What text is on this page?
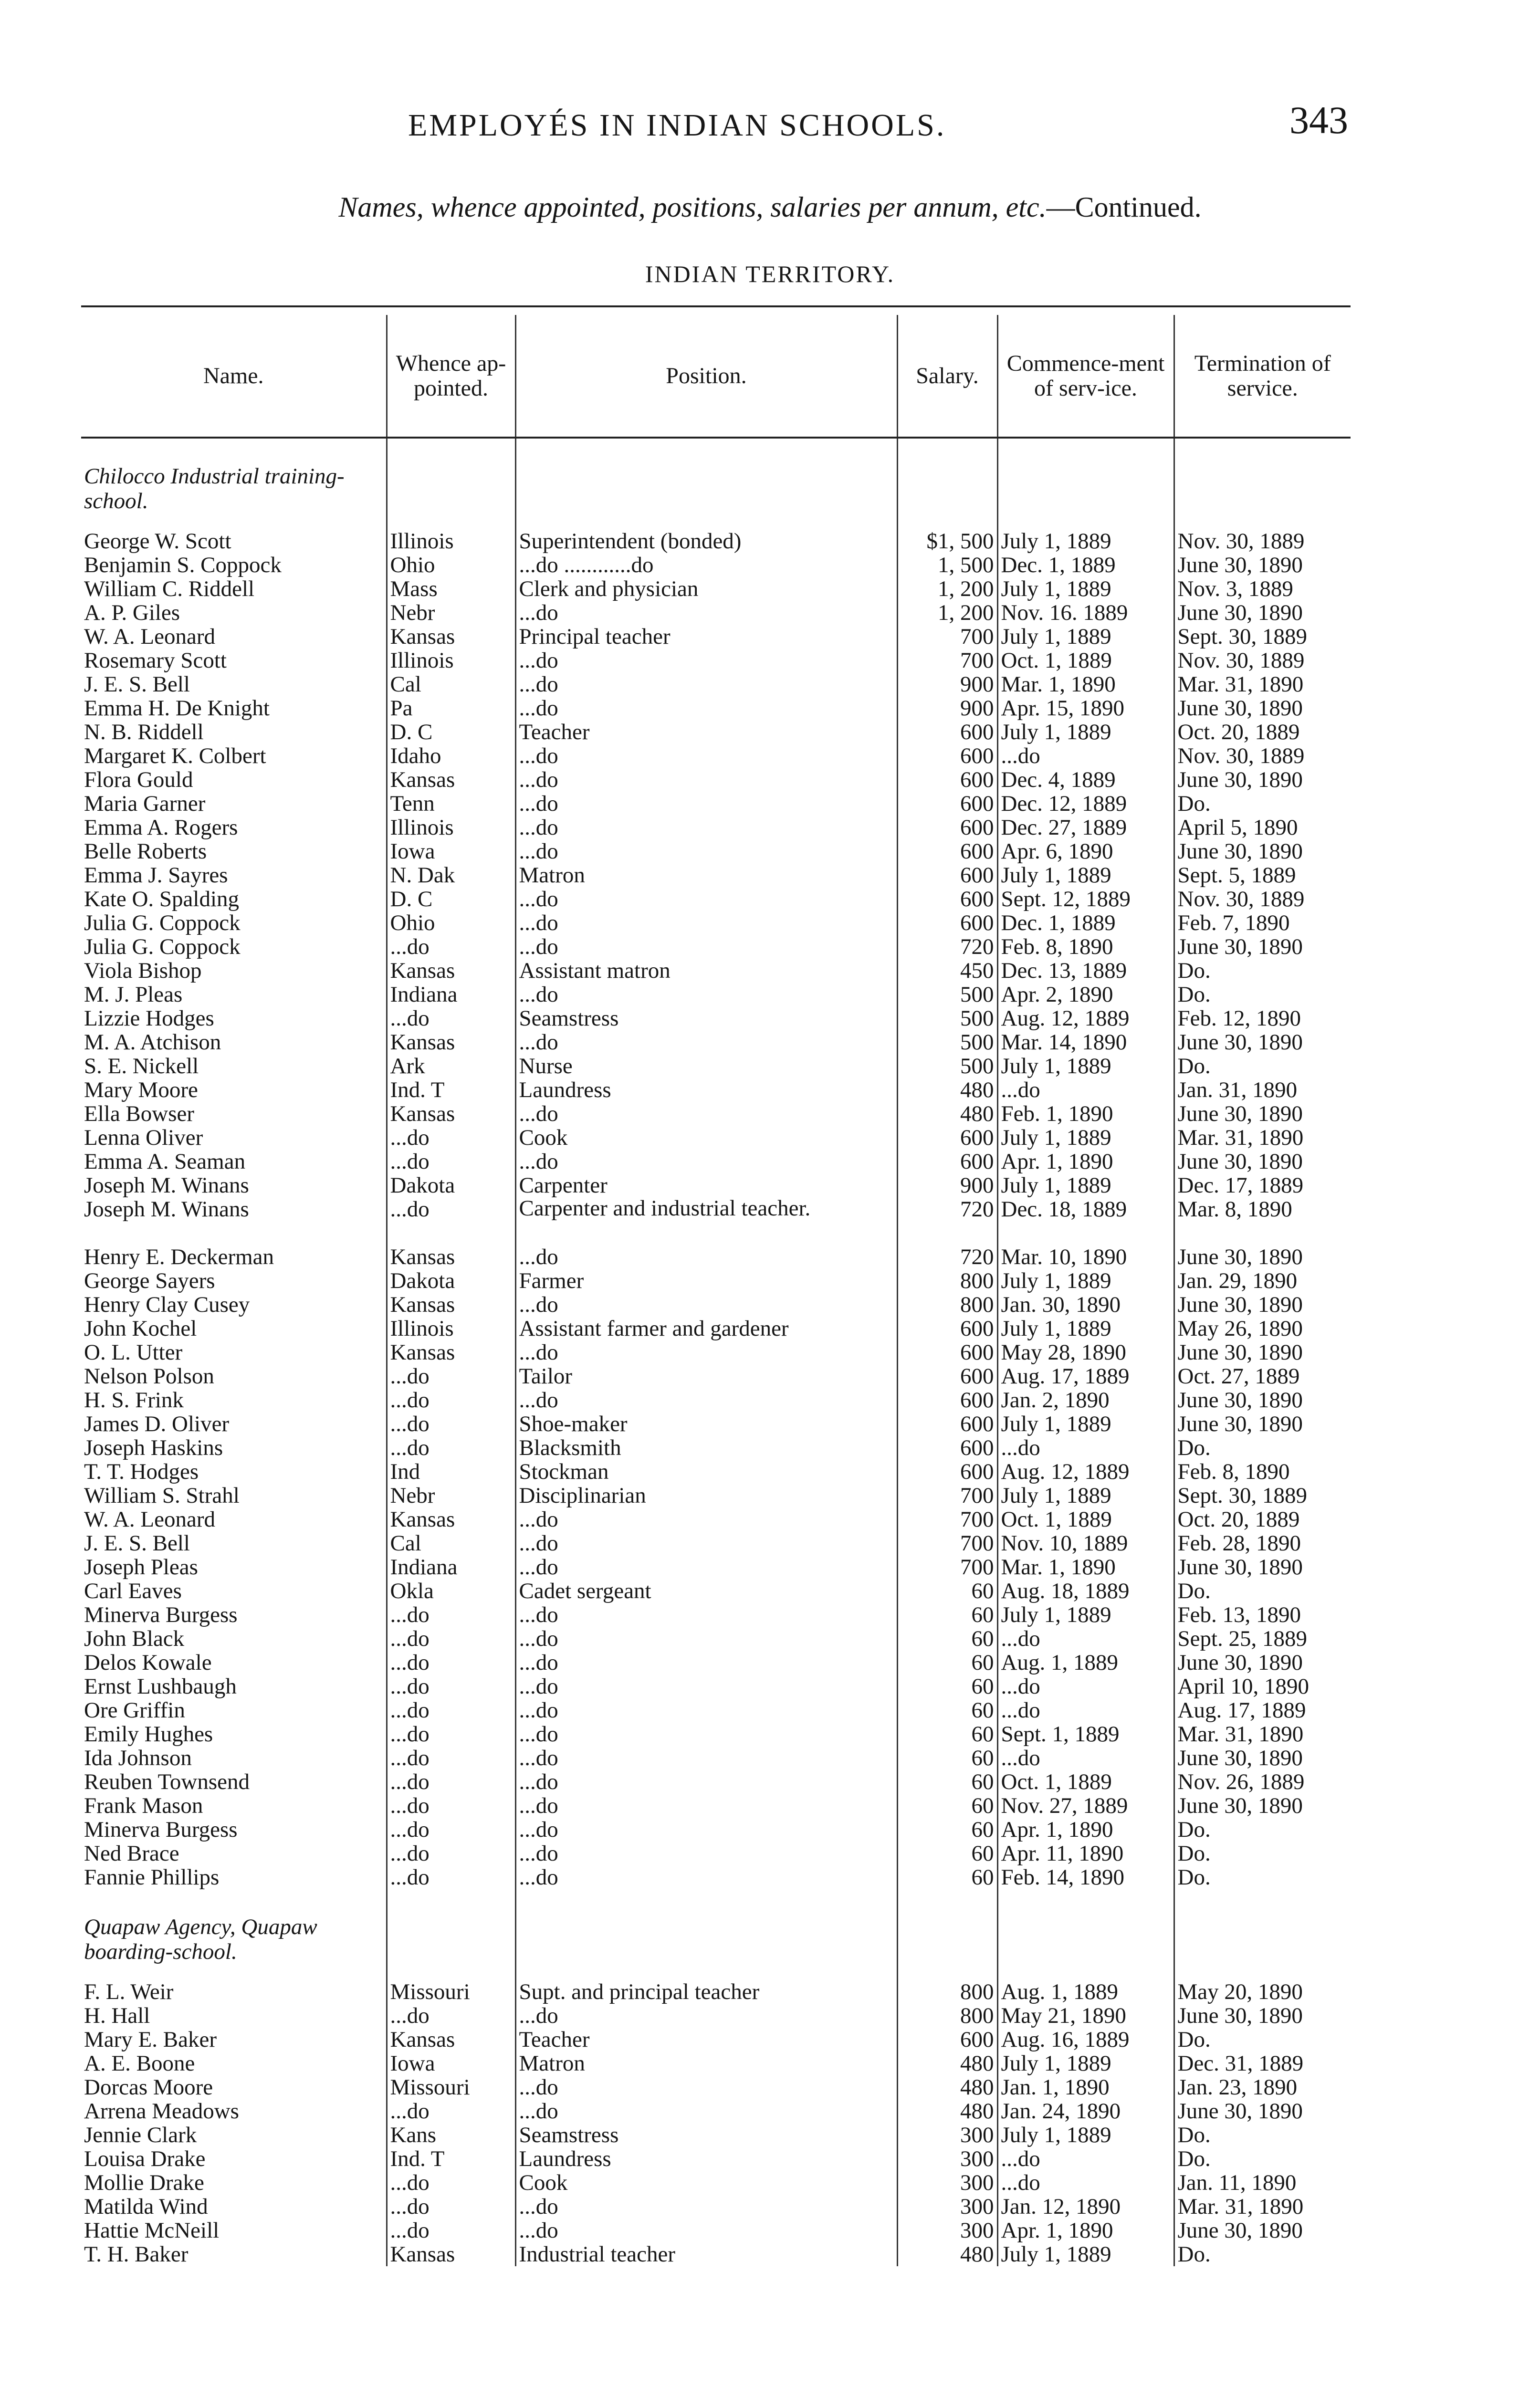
EMPLOYÉS IN INDIAN SCHOOLS.	343
Names, whence appointed, positions, salaries per annum, etc.—Continued.
INDIAN TERRITORY.
Name.	Whence ap-pointed.	Position.	Salary.	Commence-ment of serv-ice.	Termination of service.
Chilocco Industrial training-school.					
George W. Scott	Illinois	Superintendent (bonded)	$1, 500	July 1, 1889	Nov. 30, 1889
Benjamin S. Coppock	Ohio	...do ............do	1, 500	Dec. 1, 1889	June 30, 1890
William C. Riddell	Mass	Clerk and physician	1, 200	July 1, 1889	Nov. 3, 1889
A. P. Giles	Nebr	...do	1, 200	Nov. 16. 1889	June 30, 1890
W. A. Leonard	Kansas	Principal teacher	700	July 1, 1889	Sept. 30, 1889
Rosemary Scott	Illinois	...do	700	Oct. 1, 1889	Nov. 30, 1889
J. E. S. Bell	Cal	...do	900	Mar. 1, 1890	Mar. 31, 1890
Emma H. De Knight	Pa	...do	900	Apr. 15, 1890	June 30, 1890
N. B. Riddell	D. C	Teacher	600	July 1, 1889	Oct. 20, 1889
Margaret K. Colbert	Idaho	...do	600	...do	Nov. 30, 1889
Flora Gould	Kansas	...do	600	Dec. 4, 1889	June 30, 1890
Maria Garner	Tenn	...do	600	Dec. 12, 1889	Do.
Emma A. Rogers	Illinois	...do	600	Dec. 27, 1889	April 5, 1890
Belle Roberts	Iowa	...do	600	Apr. 6, 1890	June 30, 1890
Emma J. Sayres	N. Dak	Matron	600	July 1, 1889	Sept. 5, 1889
Kate O. Spalding	D. C	...do	600	Sept. 12, 1889	Nov. 30, 1889
Julia G. Coppock	Ohio	...do	600	Dec. 1, 1889	Feb. 7, 1890
Julia G. Coppock	...do	...do	720	Feb. 8, 1890	June 30, 1890
Viola Bishop	Kansas	Assistant matron	450	Dec. 13, 1889	Do.
M. J. Pleas	Indiana	...do	500	Apr. 2, 1890	Do.
Lizzie Hodges	...do	Seamstress	500	Aug. 12, 1889	Feb. 12, 1890
M. A. Atchison	Kansas	...do	500	Mar. 14, 1890	June 30, 1890
S. E. Nickell	Ark	Nurse	500	July 1, 1889	Do.
Mary Moore	Ind. T	Laundress	480	...do	Jan. 31, 1890
Ella Bowser	Kansas	...do	480	Feb. 1, 1890	June 30, 1890
Lenna Oliver	...do	Cook	600	July 1, 1889	Mar. 31, 1890
Emma A. Seaman	...do	...do	600	Apr. 1, 1890	June 30, 1890
Joseph M. Winans	Dakota	Carpenter	900	July 1, 1889	Dec. 17, 1889
Joseph M. Winans	...do	Carpenter and industrial teacher.	720	Dec. 18, 1889	Mar. 8, 1890
Henry E. Deckerman	Kansas	...do	720	Mar. 10, 1890	June 30, 1890
George Sayers	Dakota	Farmer	800	July 1, 1889	Jan. 29, 1890
Henry Clay Cusey	Kansas	...do	800	Jan. 30, 1890	June 30, 1890
John Kochel	Illinois	Assistant farmer and gardener	600	July 1, 1889	May 26, 1890
O. L. Utter	Kansas	...do	600	May 28, 1890	June 30, 1890
Nelson Polson	...do	Tailor	600	Aug. 17, 1889	Oct. 27, 1889
H. S. Frink	...do	...do	600	Jan. 2, 1890	June 30, 1890
James D. Oliver	...do	Shoe-maker	600	July 1, 1889	June 30, 1890
Joseph Haskins	...do	Blacksmith	600	...do	Do.
T. T. Hodges	Ind	Stockman	600	Aug. 12, 1889	Feb. 8, 1890
William S. Strahl	Nebr	Disciplinarian	700	July 1, 1889	Sept. 30, 1889
W. A. Leonard	Kansas	...do	700	Oct. 1, 1889	Oct. 20, 1889
J. E. S. Bell	Cal	...do	700	Nov. 10, 1889	Feb. 28, 1890
Joseph Pleas	Indiana	...do	700	Mar. 1, 1890	June 30, 1890
Carl Eaves	Okla	Cadet sergeant	60	Aug. 18, 1889	Do.
Minerva Burgess	...do	...do	60	July 1, 1889	Feb. 13, 1890
John Black	...do	...do	60	...do	Sept. 25, 1889
Delos Kowale	...do	...do	60	Aug. 1, 1889	June 30, 1890
Ernst Lushbaugh	...do	...do	60	...do	April 10, 1890
Ore Griffin	...do	...do	60	...do	Aug. 17, 1889
Emily Hughes	...do	...do	60	Sept. 1, 1889	Mar. 31, 1890
Ida Johnson	...do	...do	60	...do	June 30, 1890
Reuben Townsend	...do	...do	60	Oct. 1, 1889	Nov. 26, 1889
Frank Mason	...do	...do	60	Nov. 27, 1889	June 30, 1890
Minerva Burgess	...do	...do	60	Apr. 1, 1890	Do.
Ned Brace	...do	...do	60	Apr. 11, 1890	Do.
Fannie Phillips	...do	...do	60	Feb. 14, 1890	Do.
Quapaw Agency, Quapaw boarding-school.					
F. L. Weir	Missouri	Supt. and principal teacher	800	Aug. 1, 1889	May 20, 1890
H. Hall	...do	...do	800	May 21, 1890	June 30, 1890
Mary E. Baker	Kansas	Teacher	600	Aug. 16, 1889	Do.
A. E. Boone	Iowa	Matron	480	July 1, 1889	Dec. 31, 1889
Dorcas Moore	Missouri	...do	480	Jan. 1, 1890	Jan. 23, 1890
Arrena Meadows	...do	...do	480	Jan. 24, 1890	June 30, 1890
Jennie Clark	Kans	Seamstress	300	July 1, 1889	Do.
Louisa Drake	Ind. T	Laundress	300	...do	Do.
Mollie Drake	...do	Cook	300	...do	Jan. 11, 1890
Matilda Wind	...do	...do	300	Jan. 12, 1890	Mar. 31, 1890
Hattie McNeill	...do	...do	300	Apr. 1, 1890	June 30, 1890
T. H. Baker	Kansas	Industrial teacher	480	July 1, 1889	Do.
